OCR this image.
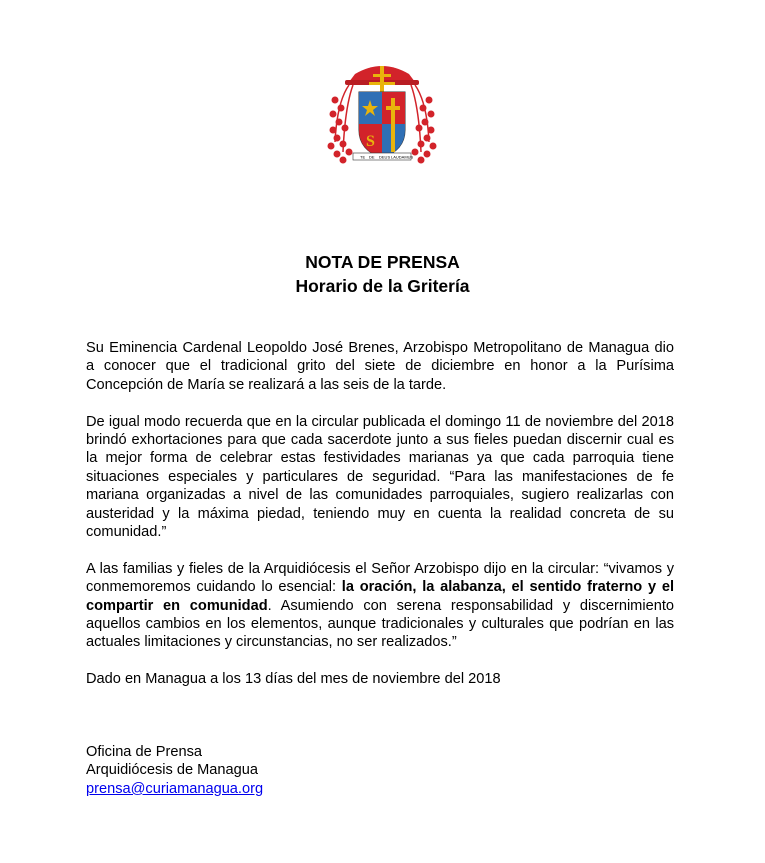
S
TE DE DEUS LAUDAMUS
NOTA DE PRENSA
Horario de la Gritería

Su Eminencia Cardenal Leopoldo José Brenes, Arzobispo Metropolitano de Managua dio a conocer que el tradicional grito del siete de diciembre en honor a la Purísima Concepción de María se realizará a las seis de la tarde.

De igual modo recuerda que en la circular publicada el domingo 11 de noviembre del 2018 brindó exhortaciones para que cada sacerdote junto a sus fieles puedan discernir cual es la mejor forma de celebrar estas festividades marianas ya que cada parroquia tiene situaciones especiales y particulares de seguridad. “Para las manifestaciones de fe mariana organizadas a nivel de las comunidades parroquiales, sugiero realizarlas con austeridad y la máxima piedad, teniendo muy en cuenta la realidad concreta de su comunidad.”

A las familias y fieles de la Arquidiócesis el Señor Arzobispo dijo en la circular: “vivamos y conmemoremos cuidando lo esencial: la oración, la alabanza, el sentido fraterno y el compartir en comunidad. Asumiendo con serena responsabilidad y discernimiento aquellos cambios en los elementos, aunque tradicionales y culturales que podrían en las actuales limitaciones y circunstancias, no ser realizados.”

Dado en Managua a los 13 días del mes de noviembre del 2018

Oficina de Prensa
Arquidiócesis de Managua
prensa@curiamanagua.org
